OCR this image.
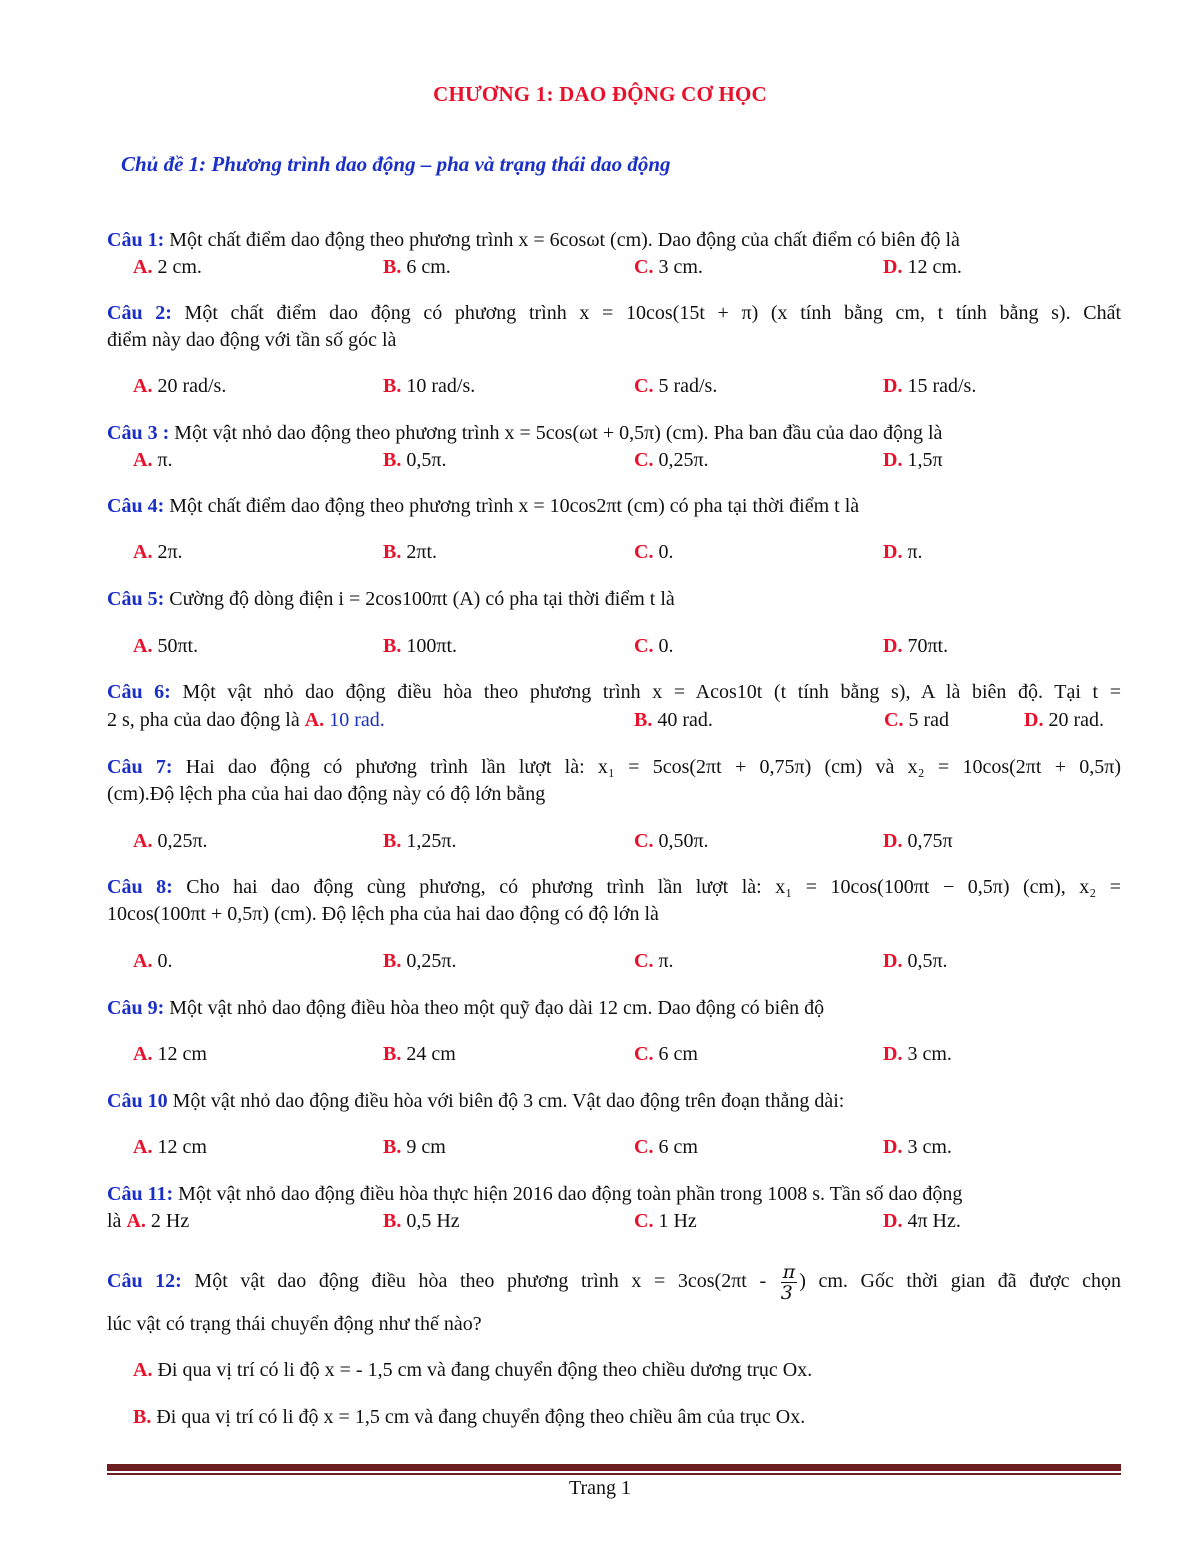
CHƯƠNG 1: DAO ĐỘNG CƠ HỌC
Chủ đề 1: Phương trình dao động – pha và trạng thái dao động
Câu 1: Một chất điểm dao động theo phương trình x = 6cosωt (cm). Dao động của chất điểm có biên độ là
A. 2 cm.	B. 6 cm.	C. 3 cm.	D. 12 cm.
Câu 2: Một chất điểm dao động có phương trình x = 10cos(15t + π) (x tính bằng cm, t tính bằng s). Chất
điểm này dao động với tần số góc là
A. 20 rad/s.	B. 10 rad/s.	C. 5 rad/s.	D. 15 rad/s.
Câu 3 : Một vật nhỏ dao động theo phương trình x = 5cos(ωt + 0,5π) (cm). Pha ban đầu của dao động là
A. π.	B. 0,5π.	C. 0,25π.	D. 1,5π
Câu 4: Một chất điểm dao động theo phương trình x = 10cos2πt (cm) có pha tại thời điểm t là
A. 2π.	B. 2πt.	C. 0.	D. π.
Câu 5: Cường độ dòng điện i = 2cos100πt (A) có pha tại thời điểm t là
A. 50πt.	B. 100πt.	C. 0.	D. 70πt.
Câu 6: Một vật nhỏ dao động điều hòa theo phương trình x = Acos10t (t tính bằng s), A là biên độ. Tại t =
2 s, pha của dao động là A. 10 rad.	B. 40 rad.	C. 5 rad	D. 20 rad.
Câu 7: Hai dao động có phương trình lần lượt là: x₁ = 5cos(2πt + 0,75π) (cm) và x₂ = 10cos(2πt + 0,5π)
(cm).Độ lệch pha của hai dao động này có độ lớn bằng
A. 0,25π.	B. 1,25π.	C. 0,50π.	D. 0,75π
Câu 8: Cho hai dao động cùng phương, có phương trình lần lượt là: x₁ = 10cos(100πt − 0,5π) (cm), x₂ =
10cos(100πt + 0,5π) (cm). Độ lệch pha của hai dao động có độ lớn là
A. 0.	B. 0,25π.	C. π.	D. 0,5π.
Câu 9: Một vật nhỏ dao động điều hòa theo một quỹ đạo dài 12 cm. Dao động có biên độ
A. 12 cm	B. 24 cm	C. 6 cm	D. 3 cm.
Câu 10 Một vật nhỏ dao động điều hòa với biên độ 3 cm. Vật dao động trên đoạn thẳng dài:
A. 12 cm	B. 9 cm	C. 6 cm	D. 3 cm.
Câu 11: Một vật nhỏ dao động điều hòa thực hiện 2016 dao động toàn phần trong 1008 s. Tần số dao động
là A. 2 Hz	B. 0,5 Hz	C. 1 Hz	D. 4π Hz.
Câu 12: Một vật dao động điều hòa theo phương trình $x = 3\cos(2\pi t - \frac{\pi}{3}$ ) cm. Gốc thời gian đã được chọn
lúc vật có trạng thái chuyển động như thế nào?
A. Đi qua vị trí có li độ x = - 1,5 cm và đang chuyển động theo chiều dương trục Ox.
B. Đi qua vị trí có li độ x = 1,5 cm và đang chuyển động theo chiều âm của trục Ox.
Trang 1
